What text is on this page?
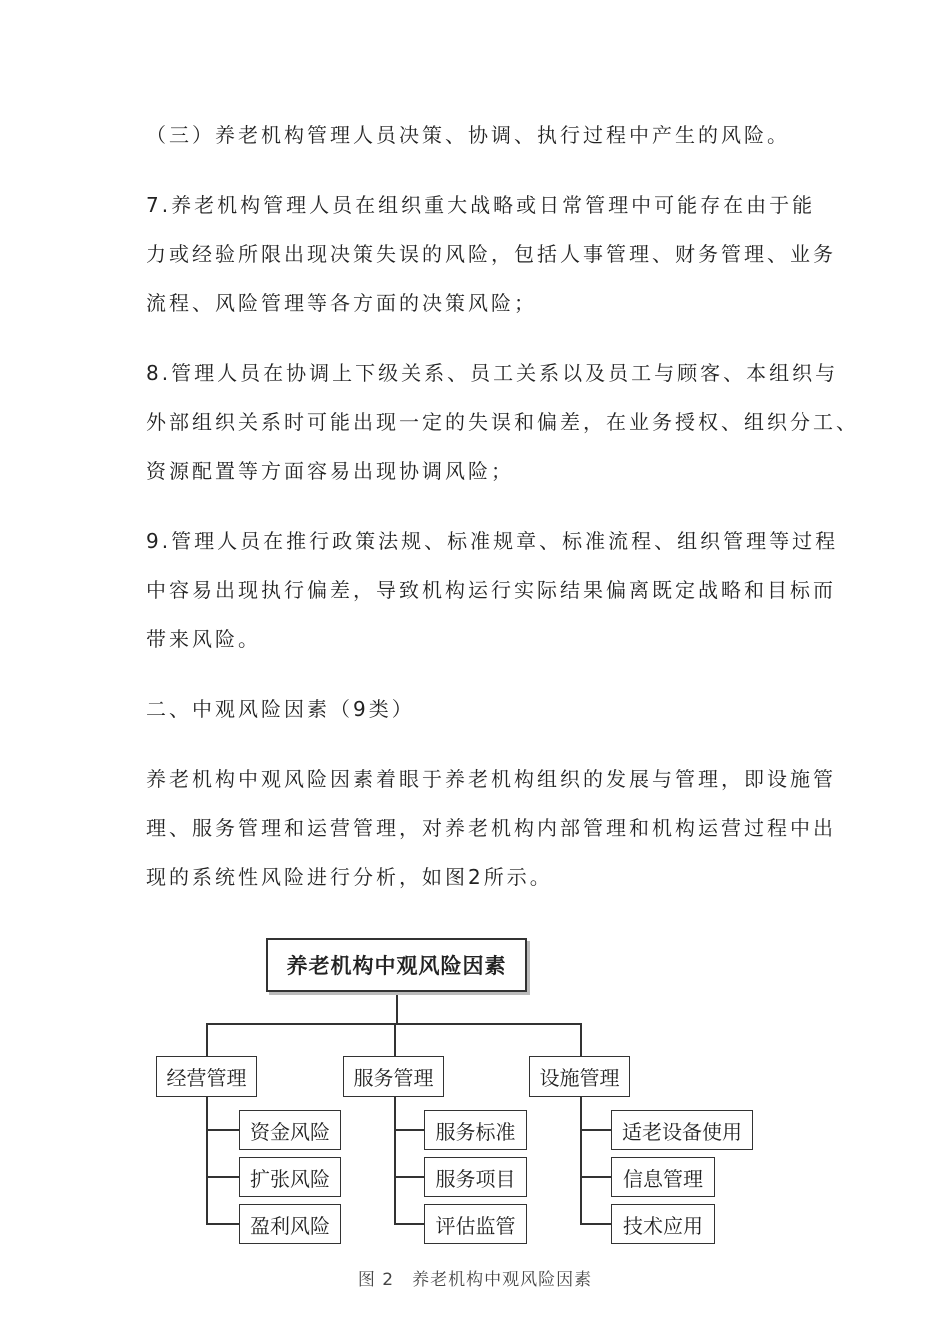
（三）养老机构管理人员决策、协调、执行过程中产生的风险。

7.养老机构管理人员在组织重大战略或日常管理中可能存在由于能
力或经验所限出现决策失误的风险，包括人事管理、财务管理、业务
流程、风险管理等各方面的决策风险；

8.管理人员在协调上下级关系、员工关系以及员工与顾客、本组织与
外部组织关系时可能出现一定的失误和偏差，在业务授权、组织分工、
资源配置等方面容易出现协调风险；

9.管理人员在推行政策法规、标准规章、标准流程、组织管理等过程
中容易出现执行偏差，导致机构运行实际结果偏离既定战略和目标而
带来风险。

二、中观风险因素（9类）

养老机构中观风险因素着眼于养老机构组织的发展与管理，即设施管
理、服务管理和运营管理，对养老机构内部管理和机构运营过程中出
现的系统性风险进行分析，如图2所示。

养老机构中观风险因素
经营管理	服务管理	设施管理
资金风险
扩张风险
盈利风险
服务标准
服务项目
评估监管
适老设备使用
信息管理
技术应用
图 2　养老机构中观风险因素
